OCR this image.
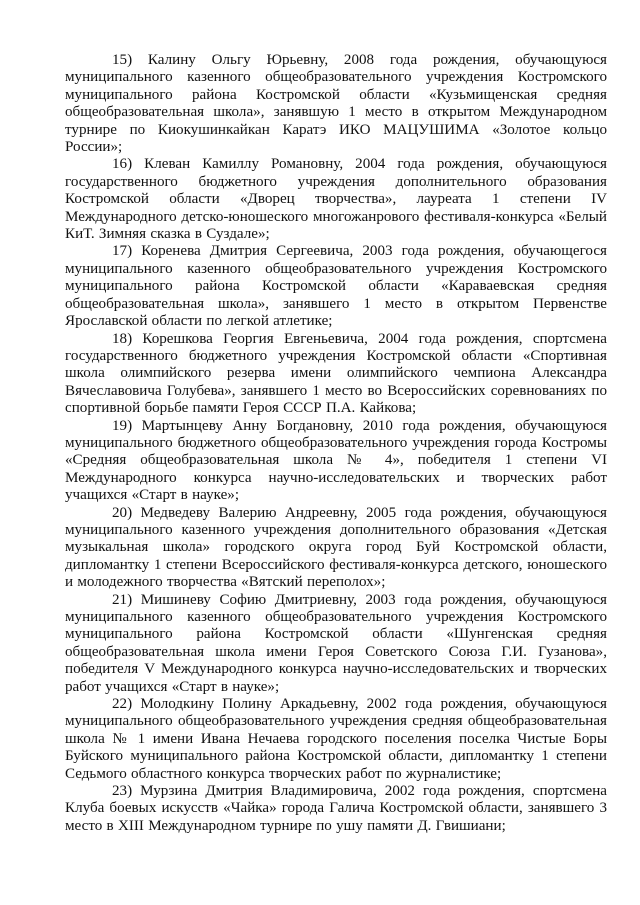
15) Калину Ольгу Юрьевну, 2008 года рождения, обучающуюся муниципального казенного общеобразовательного учреждения Костромского муниципального района Костромской области «Кузьмищенская средняя общеобразовательная школа», занявшую 1 место в открытом Международном турнире по Киокушинкайкан Каратэ ИКО МАЦУШИМА «Золотое кольцо России»;

16) Клеван Камиллу Романовну, 2004 года рождения, обучающуюся государственного бюджетного учреждения дополнительного образования Костромской области «Дворец творчества», лауреата 1 степени IV Международного детско-юношеского многожанрового фестиваля-конкурса «Белый КиТ. Зимняя сказка в Суздале»;

17) Коренева Дмитрия Сергеевича, 2003 года рождения, обучающегося муниципального казенного общеобразовательного учреждения Костромского муниципального района Костромской области «Караваевская средняя общеобразовательная школа», занявшего 1 место в открытом Первенстве Ярославской области по легкой атлетике;

18) Корешкова Георгия Евгеньевича, 2004 года рождения, спортсмена государственного бюджетного учреждения Костромской области «Спортивная школа олимпийского резерва имени олимпийского чемпиона Александра Вячеславовича Голубева», занявшего 1 место во Всероссийских соревнованиях по спортивной борьбе памяти Героя СССР П.А. Кайкова;

19) Мартынцеву Анну Богдановну, 2010 года рождения, обучающуюся муниципального бюджетного общеобразовательного учреждения города Костромы «Средняя общеобразовательная школа № 4», победителя 1 степени VI Международного конкурса научно-исследовательских и творческих работ учащихся «Старт в науке»;

20) Медведеву Валерию Андреевну, 2005 года рождения, обучающуюся муниципального казенного учреждения дополнительного образования «Детская музыкальная школа» городского округа город Буй Костромской области, дипломантку 1 степени Всероссийского фестиваля-конкурса детского, юношеского и молодежного творчества «Вятский переполох»;

21) Мишиневу Софию Дмитриевну, 2003 года рождения, обучающуюся муниципального казенного общеобразовательного учреждения Костромского муниципального района Костромской области «Шунгенская средняя общеобразовательная школа имени Героя Советского Союза Г.И. Гузанова», победителя V Международного конкурса научно-исследовательских и творческих работ учащихся «Старт в науке»;

22) Молодкину Полину Аркадьевну, 2002 года рождения, обучающуюся муниципального общеобразовательного учреждения средняя общеобразовательная школа № 1 имени Ивана Нечаева городского поселения поселка Чистые Боры Буйского муниципального района Костромской области, дипломантку 1 степени Седьмого областного конкурса творческих работ по журналистике;

23) Мурзина Дмитрия Владимировича, 2002 года рождения, спортсмена Клуба боевых искусств «Чайка» города Галича Костромской области, занявшего 3 место в XIII Международном турнире по ушу памяти Д. Гвишиани;
